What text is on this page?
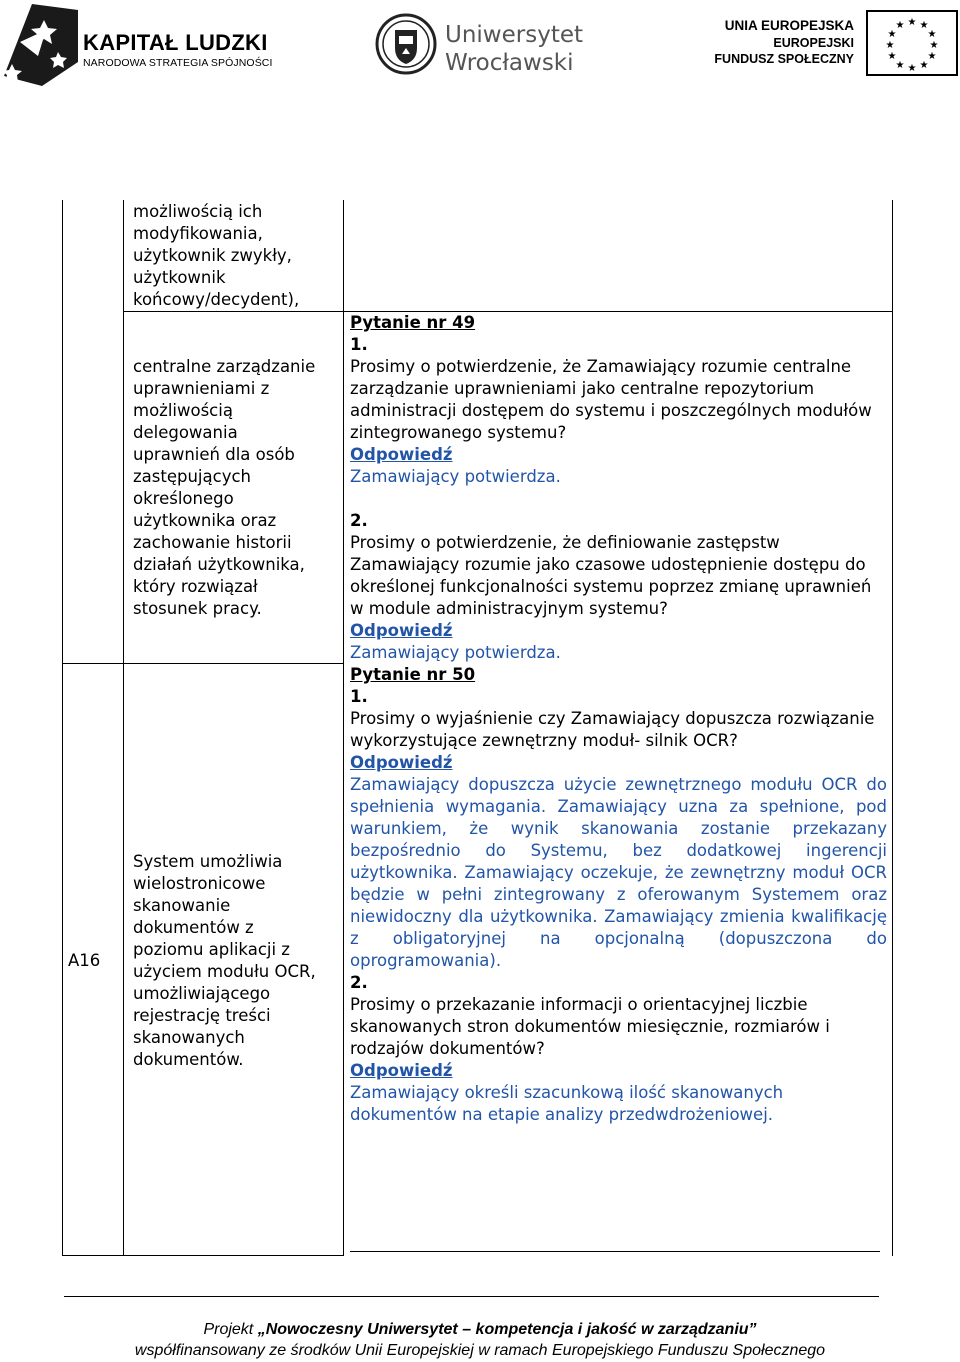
KAPITAŁ LUDZKI
NARODOWA STRATEGIA SPÓJNOŚCI
Uniwersytet
Wrocławski
UNIA EUROPEJSKA
EUROPEJSKI
FUNDUSZ SPOŁECZNY
★ ★
★
★
★
★
★
★
★
★
★
★
A16

możliwością ich

modyfikowania,

użytkownik zwykły,

użytkownik

końcowy/decydent),

centralne zarządzanie

uprawnieniami z

możliwością

delegowania

uprawnień dla osób

zastępujących

określonego

użytkownika oraz

zachowanie historii

działań użytkownika,

który rozwiązał

stosunek pracy.

System umożliwia

wielostronicowe

skanowanie

dokumentów z

poziomu aplikacji z

użyciem modułu OCR,

umożliwiającego

rejestrację treści

skanowanych

dokumentów.

Pytanie nr 49

1.

Prosimy o potwierdzenie, że Zamawiający rozumie centralne zarządzanie uprawnieniami jako centralne repozytorium administracji dostępem do systemu i poszczególnych modułów zintegrowanego systemu?

Odpowiedź

Zamawiający potwierdza.

2.

Prosimy o potwierdzenie, że definiowanie zastępstw Zamawiający rozumie jako czasowe udostępnienie dostępu do określonej funkcjonalności systemu poprzez zmianę uprawnień w module administracyjnym systemu?

Odpowiedź

Zamawiający potwierdza.

Pytanie nr 50

1.

Prosimy o wyjaśnienie czy Zamawiający dopuszcza rozwiązanie wykorzystujące zewnętrzny moduł- silnik OCR?

Odpowiedź

Zamawiający dopuszcza użycie zewnętrznego modułu OCR do spełnienia wymagania. Zamawiający uzna za spełnione, pod warunkiem, że wynik skanowania zostanie przekazany bezpośrednio do Systemu, bez dodatkowej ingerencji użytkownika. Zamawiający oczekuje, że zewnętrzny moduł OCR będzie w pełni zintegrowany z oferowanym Systemem oraz niewidoczny dla użytkownika. Zamawiający zmienia kwalifikację z obligatoryjnej na opcjonalną (dopuszczona do oprogramowania).

2.

Prosimy o przekazanie informacji o orientacyjnej liczbie skanowanych stron dokumentów miesięcznie, rozmiarów i rodzajów dokumentów?

Odpowiedź

Zamawiający określi szacunkową ilość skanowanych dokumentów na etapie analizy przedwdrożeniowej.

Projekt „Nowoczesny Uniwersytet – kompetencja i jakość w zarządzaniu”
współfinansowany ze środków Unii Europejskiej w ramach Europejskiego Funduszu Społecznego
